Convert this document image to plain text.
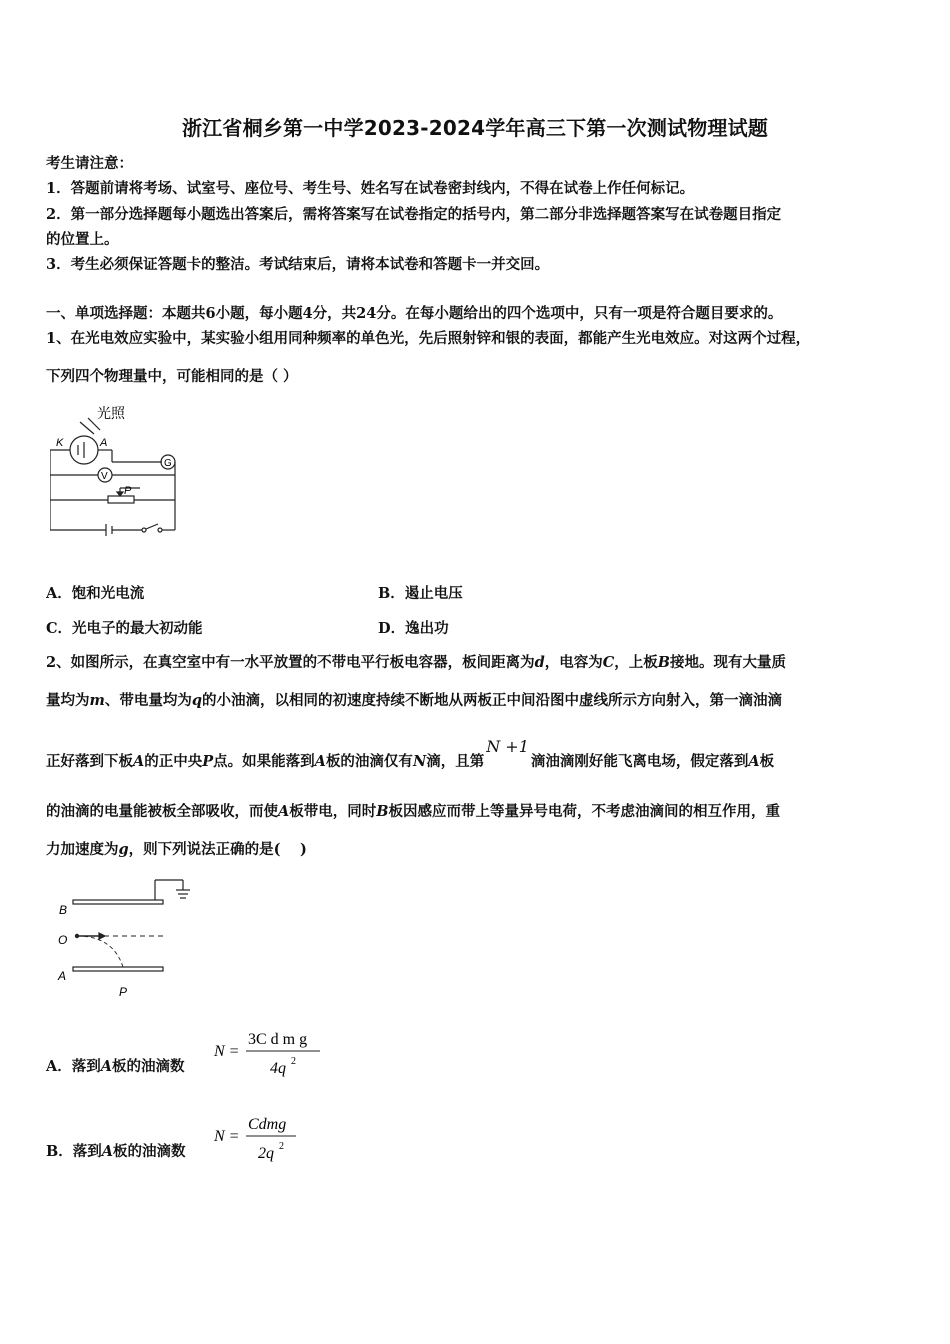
浙江省桐乡第一中学2023-2024学年高三下第一次测试物理试题
考生请注意：
1．答题前请将考场、试室号、座位号、考生号、姓名写在试卷密封线内，不得在试卷上作任何标记。
2．第一部分选择题每小题选出答案后，需将答案写在试卷指定的括号内，第二部分非选择题答案写在试卷题目指定
的位置上。
3．考生必须保证答题卡的整洁。考试结束后，请将本试卷和答题卡一并交回。
一、单项选择题：本题共6小题，每小题4分，共24分。在每小题给出的四个选项中，只有一项是符合题目要求的。
1、在光电效应实验中，某实验小组用同种频率的单色光，先后照射锌和银的表面，都能产生光电效应。对这两个过程，
下列四个物理量中，可能相同的是（ ）
光照
K	A
G
V
P
A．饱和光电流	B．遏止电压
C．光电子的最大初动能	D．逸出功
2、如图所示，在真空室中有一水平放置的不带电平行板电容器，板间距离为d，电容为C，上板B接地。现有大量质
量均为m、带电量均为q的小油滴，以相同的初速度持续不断地从两板正中间沿图中虚线所示方向射入，第一滴油滴
正好落到下板A的正中央P点。如果能落到A板的油滴仅有N滴，且第N +1滴油滴刚好能飞离电场，假定落到A板
的油滴的电量能被板全部吸收，而使A板带电，同时B板因感应而带上等量异号电荷，不考虑油滴间的相互作用，重
力加速度为g，则下列说法正确的是(　 )
B
O
A
P
A．落到A板的油滴数
N =
3C d m g
4q 2
B．落到A板的油滴数
N =
Cdmg
2q 2
